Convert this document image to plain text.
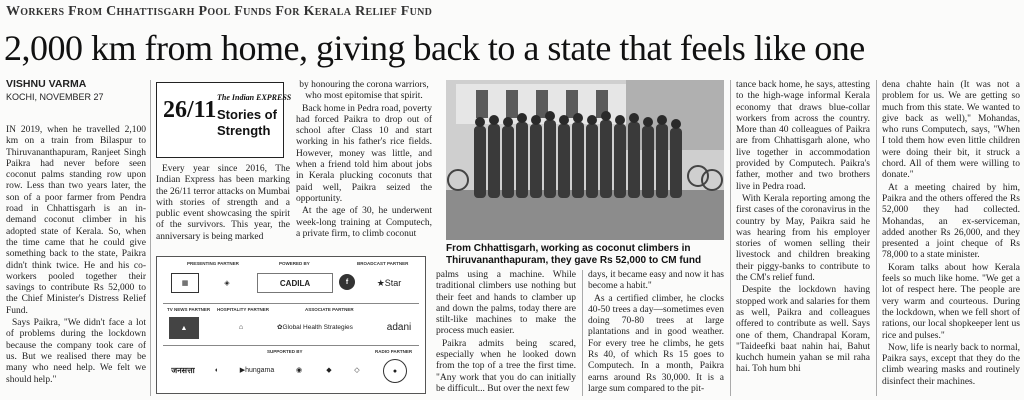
Workers From Chhattisgarh Pool Funds For Kerala Relief Fund
2,000 km from home, giving back to a state that feels like one
VISHNU VARMA
KOCHI, NOVEMBER 27

IN 2019, when he travelled 2,100 km on a train from Bilaspur to Thiruvananthapuram, Ranjeet Singh Paikra had never before seen coconut palms standing row upon row. Less than two years later, the son of a poor farmer from Pendra road in Chhattisgarh is an in-demand coconut climber in his adopted state of Kerala. So, when the time came that he could give something back to the state, Paikra didn't think twice. He and his co-workers pooled together their savings to contribute Rs 52,000 to the Chief Minister's Distress Relief Fund.

Says Paikra, "We didn't face a lot of problems during the lockdown because the company took care of us. But we realised there may be many who need help. We felt we should help."

26/11 The Indian EXPRESS
Stories of
Strength

Every year since 2016, The Indian Express has been marking the 26/11 terror attacks on Mumbai with stories of strength and a public event showcasing the spirit of the survivors. This year, the anniversary is being marked

by honouring the corona warriors, who most epitomise that spirit.

Back home in Pedra road, poverty had forced Paikra to drop out of school after Class 10 and start working in his father's rice fields. However, money was little, and when a friend told him about jobs in Kerala plucking coconuts that paid well, Paikra seized the opportunity.

At the age of 30, he underwent week-long training at Computech, a private firm, to climb coconut

PRESENTING PARTNER	POWERED BY	BROADCAST PARTNER
▦	◈	CADILA	f	★ Star
TV NEWS PARTNER HOSPITALITY PARTNER	ASSOCIATE PARTNER
▲	⌂	✿ Global Health Strategies	adani
SUPPORTED BY	RADIO PARTNER
जनसत्ता	◐	▶ hungama	◉	◆	◇	●
From Chhattisgarh, working as coconut climbers in Thiruvananthapuram, they gave Rs 52,000 to CM fund

palms using a machine. While traditional climbers use nothing but their feet and hands to clamber up and down the palms, today there are stilt-like machines to make the process much easier.

Paikra admits being scared, especially when he looked down from the top of a tree the first time. "Any work that you do can initially be difficult... But over the next few

days, it became easy and now it has become a habit."

As a certified climber, he clocks 40-50 trees a day—sometimes even doing 70-80 trees at large plantations and in good weather. For every tree he climbs, he gets Rs 40, of which Rs 15 goes to Computech. In a month, Paikra earns around Rs 30,000. It is a large sum compared to the pit-

tance back home, he says, attesting to the high-wage informal Kerala economy that draws blue-collar workers from across the country. More than 40 colleagues of Paikra are from Chhattisgarh alone, who live together in accommodation provided by Computech. Paikra's father, mother and two brothers live in Pedra road.

With Kerala reporting among the first cases of the coronavirus in the country by May, Paikra said he was hearing from his employer stories of women selling their livestock and children breaking their piggy-banks to contribute to the CM's relief fund.

Despite the lockdown having stopped work and salaries for them as well, Paikra and colleagues offered to contribute as well. Says one of them, Chandrapal Koram, "Taideefki baat nahin hai, Bahut kuchch humein yahan se mil raha hai. Toh hum bhi

dena chahte hain (It was not a problem for us. We are getting so much from this state. We wanted to give back as well)," Mohandas, who runs Computech, says, "When I told them how even little children were doing their bit, it struck a chord. All of them were willing to donate."

At a meeting chaired by him, Paikra and the others offered the Rs 52,000 they had collected. Mohandas, an ex-serviceman, added another Rs 26,000, and they presented a joint cheque of Rs 78,000 to a state minister.

Koram talks about how Kerala feels so much like home. "We get a lot of respect here. The people are very warm and courteous. During the lockdown, when we fell short of rations, our local shopkeeper lent us rice and pulses."

Now, life is nearly back to normal, Paikra says, except that they do the climb wearing masks and routinely disinfect their machines.
